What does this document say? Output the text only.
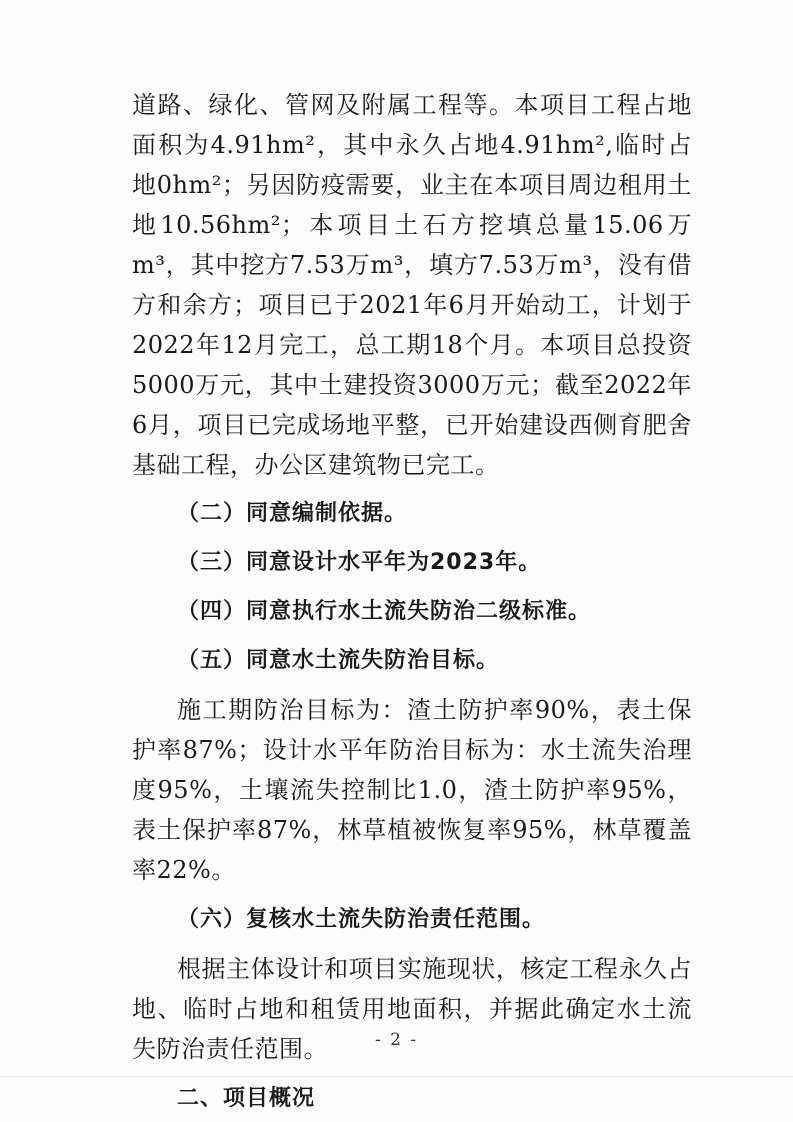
道路、绿化、管网及附属工程等。本项目工程占地面积为4.91hm²，其中永久占地4.91hm²,临时占地0hm²；另因防疫需要，业主在本项目周边租用土地10.56hm²；本项目土石方挖填总量15.06万m³，其中挖方7.53万m³，填方7.53万m³，没有借方和余方；项目已于2021年6月开始动工，计划于2022年12月完工，总工期18个月。本项目总投资5000万元，其中土建投资3000万元；截至2022年6月，项目已完成场地平整，已开始建设西侧育肥舍基础工程，办公区建筑物已完工。

（二）同意编制依据。

（三）同意设计水平年为2023年。

（四）同意执行水土流失防治二级标准。

（五）同意水土流失防治目标。

施工期防治目标为：渣土防护率90%，表土保护率87%；设计水平年防治目标为：水土流失治理度95%，土壤流失控制比1.0，渣土防护率95%，表土保护率87%，林草植被恢复率95%，林草覆盖率22%。

（六）复核水土流失防治责任范围。

根据主体设计和项目实施现状，核定工程永久占地、临时占地和租赁用地面积，并据此确定水土流失防治责任范围。

二、项目概况

- 2 -
